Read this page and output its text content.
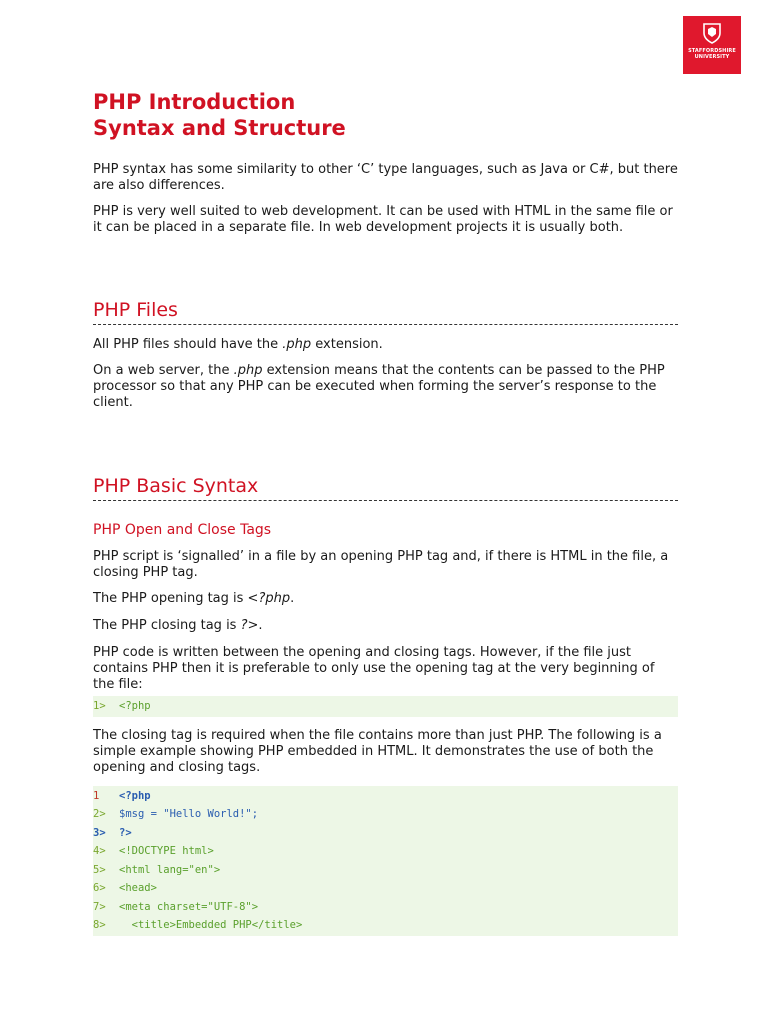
STAFFORDSHIRE
UNIVERSITY
PHP Introduction
Syntax and Structure

PHP syntax has some similarity to other ‘C’ type languages, such as Java or C#, but there are also differences.

PHP is very well suited to web development. It can be used with HTML in the same file or it can be placed in a separate file. In web development projects it is usually both.

PHP Files

All PHP files should have the .php extension.

On a web server, the .php extension means that the contents can be passed to the PHP processor so that any PHP can be executed when forming the server’s response to the client.

PHP Basic Syntax
PHP Open and Close Tags

PHP script is ‘signalled’ in a file by an opening PHP tag and, if there is HTML in the file, a closing PHP tag.

The PHP opening tag is <?php.

The PHP closing tag is ?>.

PHP code is written between the opening and closing tags. However, if the file just contains PHP then it is preferable to only use the opening tag at the very beginning of the file:

1> <?php

The closing tag is required when the file contains more than just PHP. The following is a simple example showing PHP embedded in HTML. It demonstrates the use of both the opening and closing tags.

1 <?php
2> $msg = "Hello World!";
3> ?>
4> <!DOCTYPE html>
5> <html lang="en">
6> <head>
7> <meta charset="UTF-8">
8>  <title>Embedded PHP</title>
